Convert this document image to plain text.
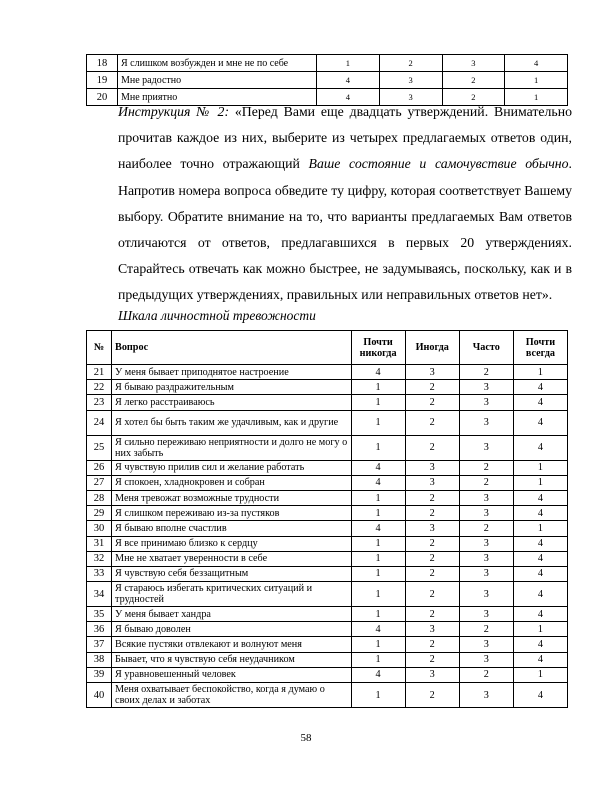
18	Я слишком возбужден и мне не по себе	1	2	3	4
19	Мне радостно	4	3	2	1
20	Мне приятно	4	3	2	1

Инструкция № 2: «Перед Вами еще двадцать утверждений. Внимательно прочитав каждое из них, выберите из четырех предлагаемых ответов один, наиболее точно отражающий Ваше состояние и самочувствие обычно. Напротив номера вопроса обведите ту цифру, которая соответствует Вашему выбору. Обратите внимание на то, что варианты предлагаемых Вам ответов отличаются от ответов, предлагавшихся в первых 20 утверждениях. Старайтесь отвечать как можно быстрее, не задумываясь, поскольку, как и в предыдущих утверждениях, правильных или неправильных ответов нет».

Шкала личностной тревожности
№	Вопрос	Почти никогда	Иногда	Часто	Почти всегда
21	У меня бывает приподнятое настроение	4	3	2	1
22	Я бываю раздражительным	1	2	3	4
23	Я легко расстраиваюсь	1	2	3	4
24	Я хотел бы быть таким же удачливым, как и другие	1	2	3	4
25	Я сильно переживаю неприятности и долго не могу о них забыть	1	2	3	4
26	Я чувствую прилив сил и желание работать	4	3	2	1
27	Я спокоен, хладнокровен и собран	4	3	2	1
28	Меня тревожат возможные трудности	1	2	3	4
29	Я слишком переживаю из-за пустяков	1	2	3	4
30	Я бываю вполне счастлив	4	3	2	1
31	Я все принимаю близко к сердцу	1	2	3	4
32	Мне не хватает уверенности в себе	1	2	3	4
33	Я чувствую себя беззащитным	1	2	3	4
34	Я стараюсь избегать критических ситуаций и трудностей	1	2	3	4
35	У меня бывает хандра	1	2	3	4
36	Я бываю доволен	4	3	2	1
37	Всякие пустяки отвлекают и волнуют меня	1	2	3	4
38	Бывает, что я чувствую себя неудачником	1	2	3	4
39	Я уравновешенный человек	4	3	2	1
40	Меня охватывает беспокойство, когда я думаю о своих делах и заботах	1	2	3	4
58
